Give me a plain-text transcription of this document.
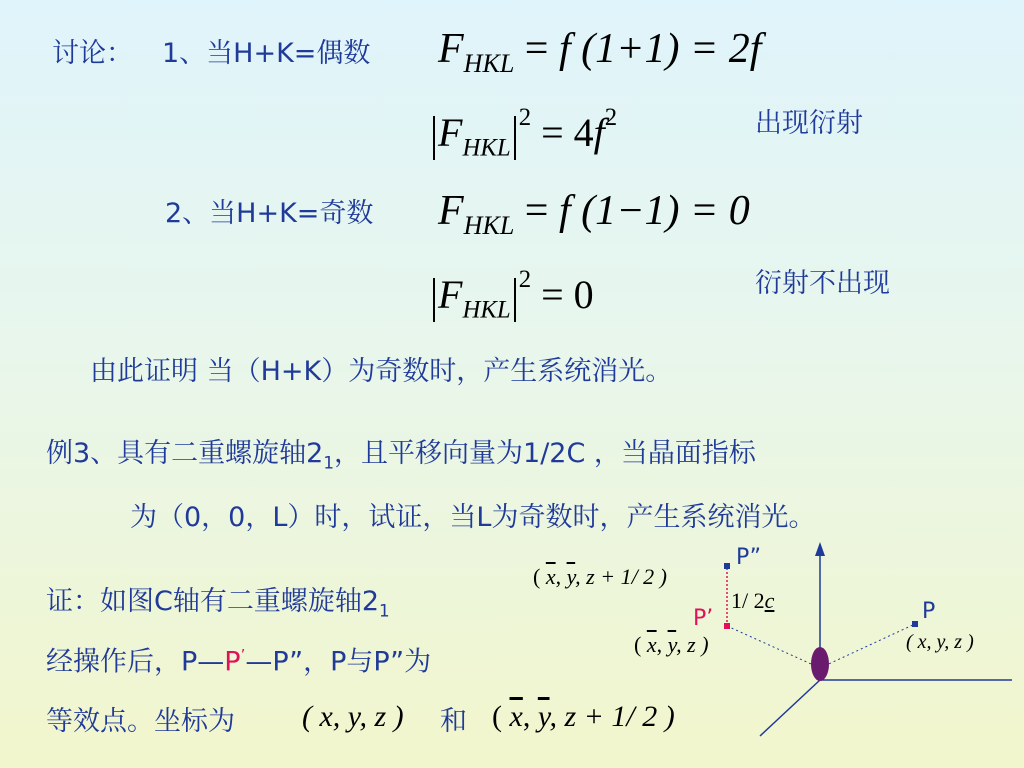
讨论： 1、当H+K=偶数 $F_{HKL} = f$ (1+1) = 2f
$F_{HKL}^2 = 4f^2$	出现衍射
2、当H+K=奇数 $F_{HKL} = f$ (1−1) = 0
$F_{HKL}^2 = 0$	衍射不出现
由此证明 当（H+K）为奇数时，产生系统消光。
例3、具有二重螺旋轴$2_1$，且平移向量为1/2C ，当晶面指标
为（0，0，L）时，试证，当L为奇数时，产生系统消光。
证：如图C轴有二重螺旋轴$2_1$
经操作后，P—P’—P”，P与P”为
等效点。坐标为 ( x, y, z ) 和 ( $\overline{x}$, $\overline{y}$, z + 1/ 2 )
P”
( $\overline{x}$, $\overline{y}$, z + 1/ 2 )
1/ 2c
P’
( $\overline{x}$, $\overline{y}$, z )
P
( x, y, z )
